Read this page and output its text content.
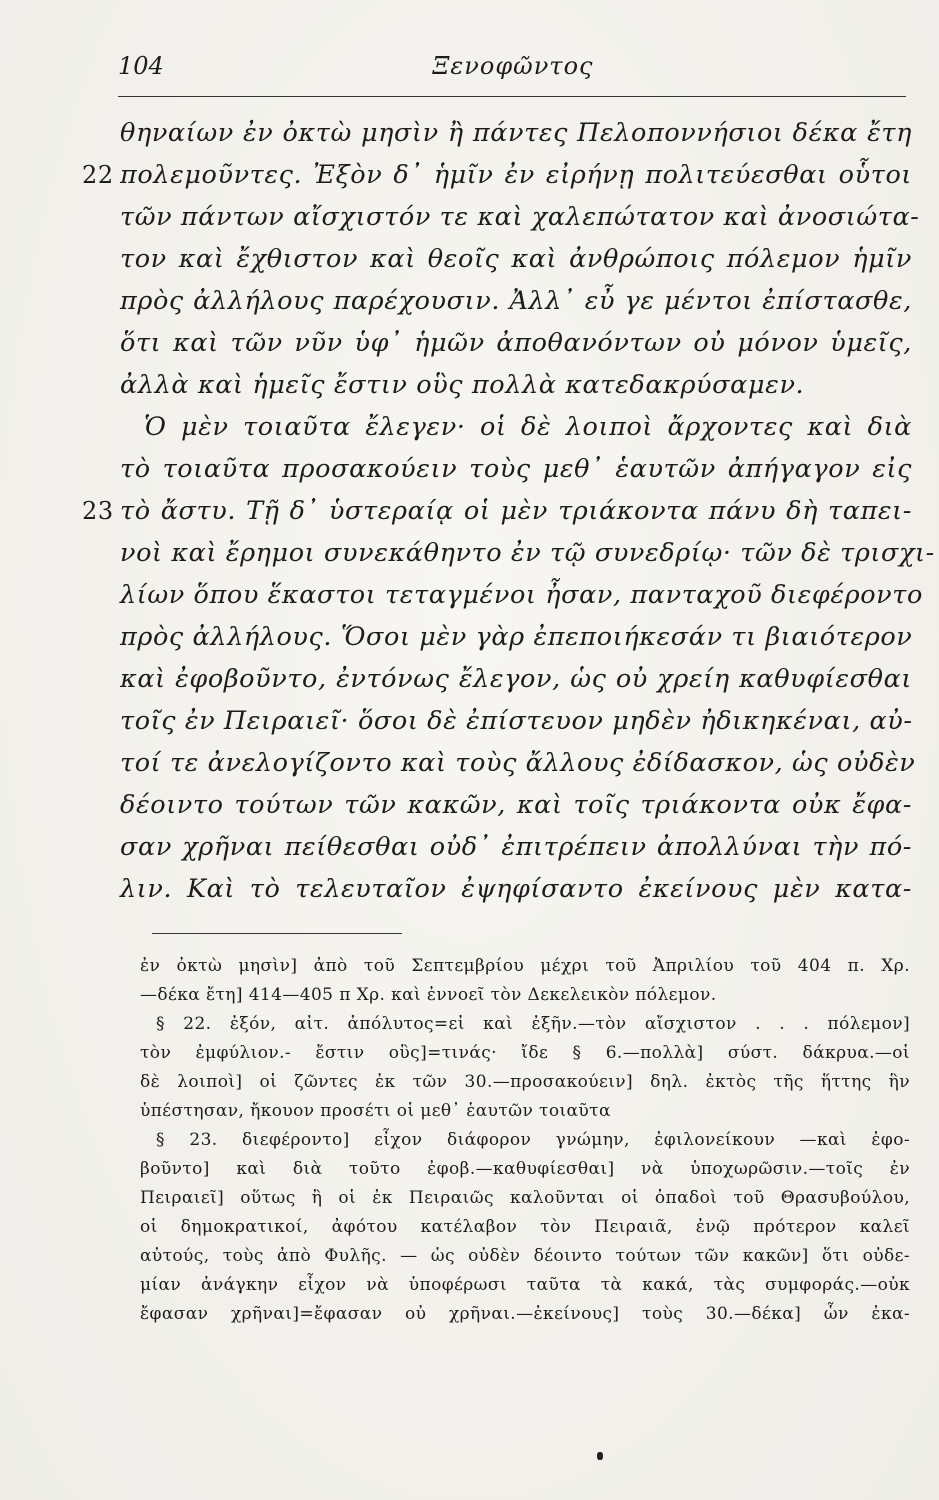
104	Ξενοφῶντος
θηναίων ἐν ὀκτὼ μησὶν ἢ πάντες Πελοποννήσιοι δέκα ἔτη
22 πολεμοῦντες. Ἐξὸν δ᾽ ἡμῖν ἐν εἰρήνῃ πολιτεύεσθαι οὗτοι
τῶν πάντων αἴσχιστόν τε καὶ χαλεπώτατον καὶ ἀνοσιώτα-
τον καὶ ἔχθιστον καὶ θεοῖς καὶ ἀνθρώποις πόλεμον ἡμῖν
πρὸς ἀλλήλους παρέχουσιν. Ἀλλ᾽ εὖ γε μέντοι ἐπίστασθε,
ὅτι καὶ τῶν νῦν ὑφ᾽ ἡμῶν ἀποθανόντων οὐ μόνον ὑμεῖς,
ἀλλὰ καὶ ἡμεῖς ἔστιν οὓς πολλὰ κατεδακρύσαμεν.
Ὁ μὲν τοιαῦτα ἔλεγεν· οἱ δὲ λοιποὶ ἄρχοντες καὶ διὰ
τὸ τοιαῦτα προσακούειν τοὺς μεθ᾽ ἑαυτῶν ἀπήγαγον εἰς
23 τὸ ἄστυ. Τῇ δ᾽ ὑστεραίᾳ οἱ μὲν τριάκοντα πάνυ δὴ ταπει-
νοὶ καὶ ἔρημοι συνεκάθηντο ἐν τῷ συνεδρίῳ· τῶν δὲ τρισχι-
λίων ὅπου ἕκαστοι τεταγμένοι ἦσαν, πανταχοῦ διεφέροντο
πρὸς ἀλλήλους. Ὅσοι μὲν γὰρ ἐπεποιήκεσάν τι βιαιότερον
καὶ ἐφοβοῦντο, ἐντόνως ἔλεγον, ὡς οὐ χρείη καθυφίεσθαι
τοῖς ἐν Πειραιεῖ· ὅσοι δὲ ἐπίστευον μηδὲν ἠδικηκέναι, αὐ-
τοί τε ἀνελογίζοντο καὶ τοὺς ἄλλους ἐδίδασκον, ὡς οὐδὲν
δέοιντο τούτων τῶν κακῶν, καὶ τοῖς τριάκοντα οὐκ ἔφα-
σαν χρῆναι πείθεσθαι οὐδ᾽ ἐπιτρέπειν ἀπολλύναι τὴν πό-
λιν. Καὶ τὸ τελευταῖον ἐψηφίσαντο ἐκείνους μὲν κατα-
ἐν ὀκτὼ μησὶν] ἀπὸ τοῦ Σεπτεμβρίου μέχρι τοῦ Ἀπριλίου τοῦ 404 π. Χρ.
—δέκα ἔτη] 414—405 π Χρ. καὶ ἐννοεῖ τὸν Δεκελεικὸν πόλεμον.
§ 22. ἐξόν, αἰτ. ἀπόλυτος=εἰ καὶ ἐξῆν.—τὸν αἴσχιστον . . . πόλεμον]
τὸν ἐμφύλιον.- ἔστιν οὓς]=τινάς· ἴδε § 6.—πολλὰ] σύστ. δάκρυα.—οἱ
δὲ λοιποὶ] οἱ ζῶντες ἐκ τῶν 30.—προσακούειν] δηλ. ἐκτὸς τῆς ἥττης ἣν
ὑπέστησαν, ἤκουον προσέτι οἱ μεθ᾽ ἑαυτῶν τοιαῦτα
§ 23. διεφέροντο] εἶχον διάφορον γνώμην, ἐφιλονείκουν —καὶ ἐφο-
βοῦντο] καὶ διὰ τοῦτο ἐφοβ.—καθυφίεσθαι] νὰ ὑποχωρῶσιν.—τοῖς ἐν
Πειραιεῖ] οὕτως ἢ οἱ ἐκ Πειραιῶς καλοῦνται οἱ ὀπαδοὶ τοῦ Θρασυβούλου,
οἱ δημοκρατικοί, ἀφότου κατέλαβον τὸν Πειραιᾶ, ἐνῷ πρότερον καλεῖ
αὐτούς, τοὺς ἀπὸ Φυλῆς. — ὡς οὐδὲν δέοιντο τούτων τῶν κακῶν] ὅτι οὐδε-
μίαν ἀνάγκην εἶχον νὰ ὑποφέρωσι ταῦτα τὰ κακά, τὰς συμφοράς.—οὐκ
ἔφασαν χρῆναι]=ἔφασαν οὐ χρῆναι.—ἐκείνους] τοὺς 30.—δέκα] ὧν ἐκα-
